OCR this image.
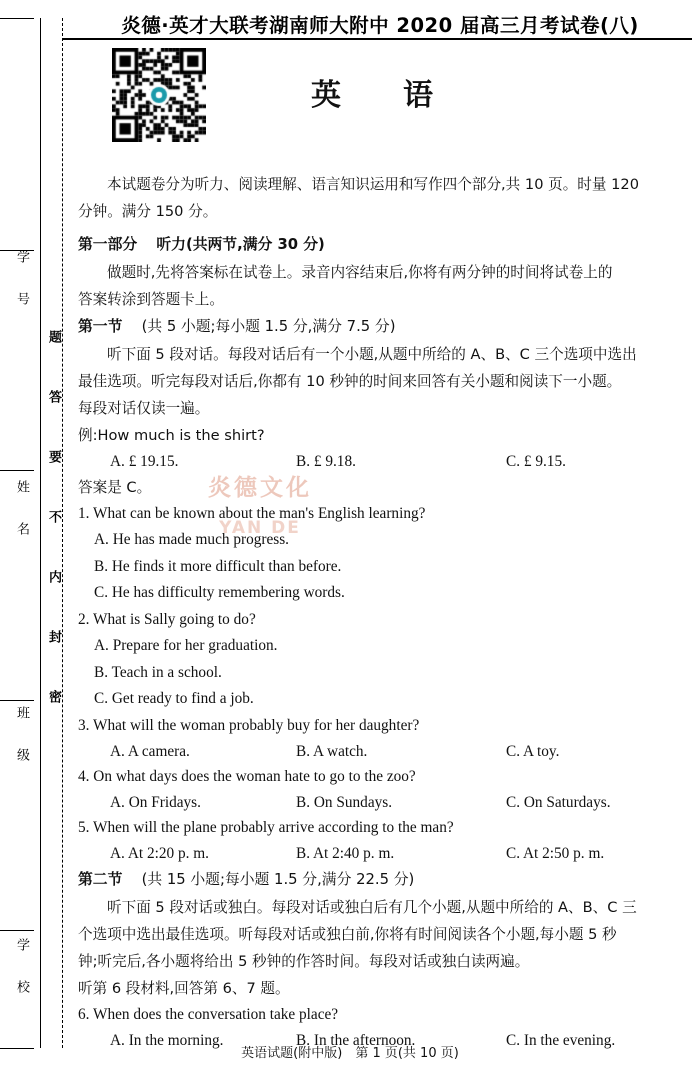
学 号
姓 名
班 级
学 校
题
答
要
不
内
封
密
炎德·英才大联考湖南师大附中 2020 届高三月考试卷(八)
英　语
炎德文化
YAN DE

本试题卷分为听力、阅读理解、语言知识运用和写作四个部分,共 10 页。时量 120

分钟。满分 150 分。

第一部分 听力(共两节,满分 30 分)

做题时,先将答案标在试卷上。录音内容结束后,你将有两分钟的时间将试卷上的

答案转涂到答题卡上。

第一节 (共 5 小题;每小题 1.5 分,满分 7.5 分)

听下面 5 段对话。每段对话后有一个小题,从题中所给的 A、B、C 三个选项中选出

最佳选项。听完每段对话后,你都有 10 秒钟的时间来回答有关小题和阅读下一小题。

每段对话仅读一遍。

例:How much is the shirt?

A. £ 19.15.	B. £ 9.18.	C. £ 9.15.

答案是 C。

1. What can be known about the man's English learning?

A. He has made much progress.

B. He finds it more difficult than before.

C. He has difficulty remembering words.

2. What is Sally going to do?

A. Prepare for her graduation.

B. Teach in a school.

C. Get ready to find a job.

3. What will the woman probably buy for her daughter?

A. A camera.	B. A watch.	C. A toy.

4. On what days does the woman hate to go to the zoo?

A. On Fridays.	B. On Sundays.	C. On Saturdays.

5. When will the plane probably arrive according to the man?

A. At 2:20 p. m.	B. At 2:40 p. m.	C. At 2:50 p. m.

第二节 (共 15 小题;每小题 1.5 分,满分 22.5 分)

听下面 5 段对话或独白。每段对话或独白后有几个小题,从题中所给的 A、B、C 三

个选项中选出最佳选项。听每段对话或独白前,你将有时间阅读各个小题,每小题 5 秒

钟;听完后,各小题将给出 5 秒钟的作答时间。每段对话或独白读两遍。

听第 6 段材料,回答第 6、7 题。

6. When does the conversation take place?

A. In the morning.	B. In the afternoon.	C. In the evening.
英语试题(附中版)　第 1 页(共 10 页)
